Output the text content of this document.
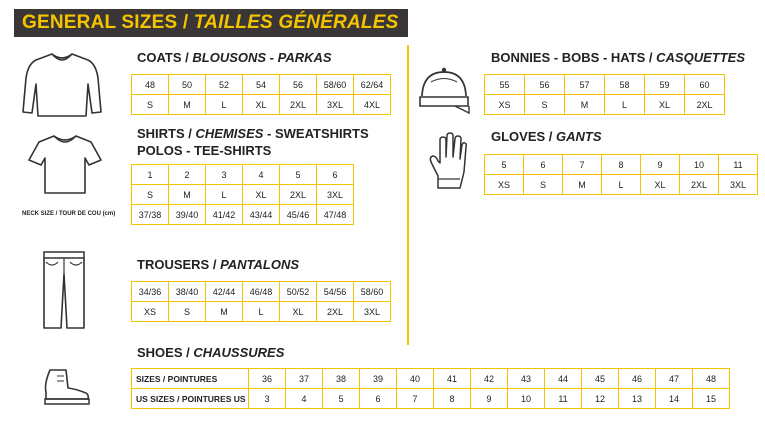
GENERAL SIZES / TAILLES GÉNÉRALES
COATS / BLOUSONS - PARKAS
48	50	52	54	56	58/60	62/64
S	M	L	XL	2XL	3XL	4XL
SHIRTS / CHEMISES - SWEATSHIRTS
POLOS - TEE-SHIRTS
NECK SIZE / TOUR DE COU (cm)
1	2	3	4	5	6
S	M	L	XL	2XL	3XL
37/38	39/40	41/42	43/44	45/46	47/48
TROUSERS / PANTALONS
34/36	38/40	42/44	46/48	50/52	54/56	58/60
XS	S	M	L	XL	2XL	3XL
BONNIES - BOBS - HATS / CASQUETTES
55	56	57	58	59	60
XS	S	M	L	XL	2XL
GLOVES / GANTS
5	6	7	8	9	10	11
XS	S	M	L	XL	2XL	3XL
SHOES / CHAUSSURES
SIZES / POINTURES	36	37	38	39	40	41	42	43	44	45	46	47	48
US SIZES / POINTURES US	3	4	5	6	7	8	9	10	11	12	13	14	15
